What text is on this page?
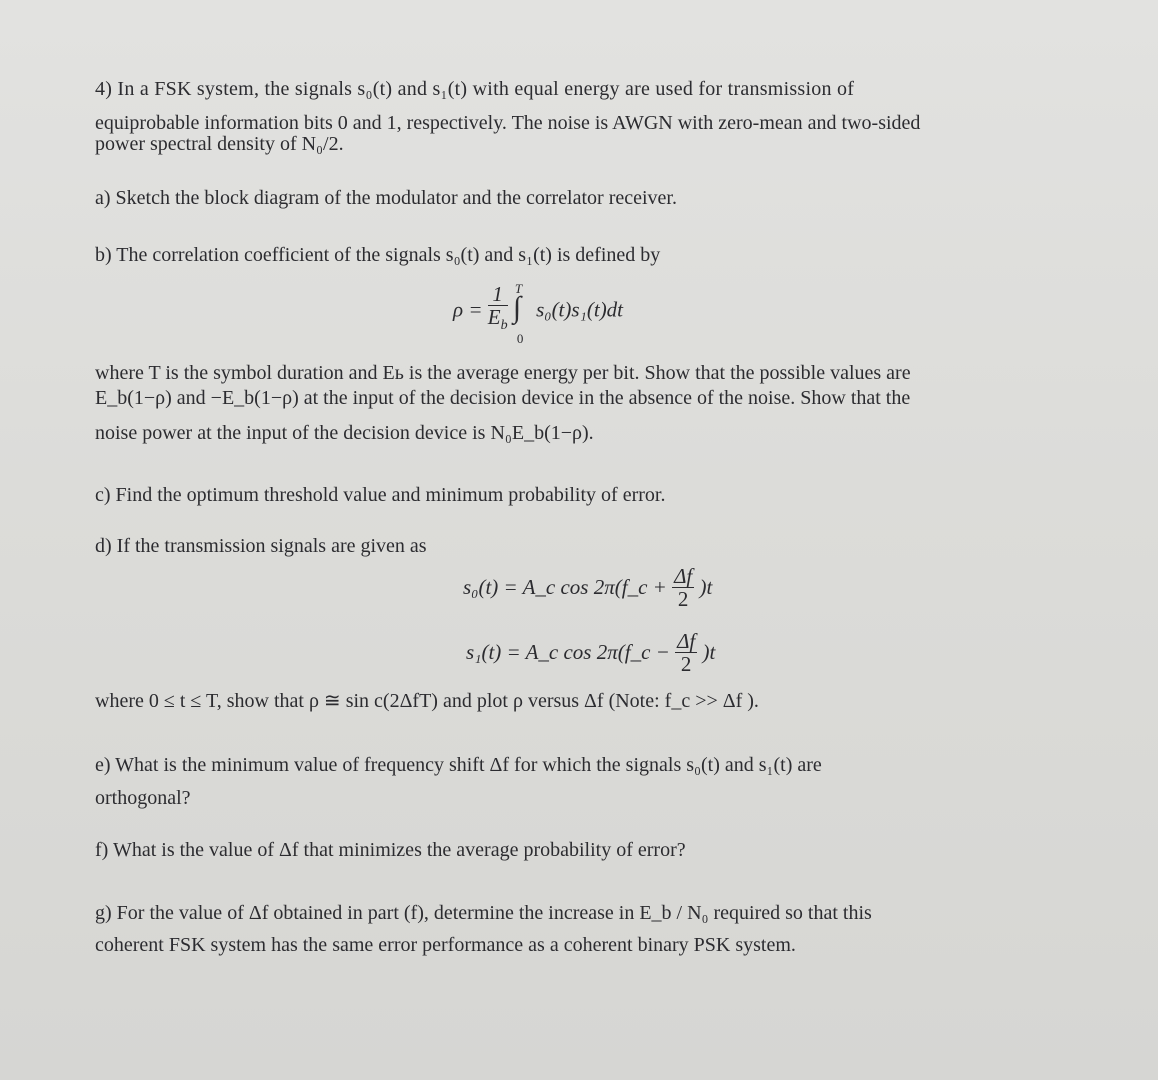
4) In a FSK system, the signals s₀(t) and s₁(t) with equal energy are used for transmission of
equiprobable information bits 0 and 1, respectively. The noise is AWGN with zero-mean and two-sided
power spectral density of N₀/2.
a) Sketch the block diagram of the modulator and the correlator receiver.
b) The correlation coefficient of the signals s₀(t) and s₁(t) is defined by
$\rho = \frac{1}{E_b}$
T
∫
0
s₀(t)s₁(t)dt
where T is the symbol duration and Eь is the average energy per bit. Show that the possible values are
E_b(1−ρ) and −E_b(1−ρ) at the input of the decision device in the absence of the noise. Show that the
noise power at the input of the decision device is N₀E_b(1−ρ).
c) Find the optimum threshold value and minimum probability of error.
d) If the transmission signals are given as
s₀(t) = A_c cos 2π(f_c + $\frac{\Delta f}{2} )t$
s₁(t) = A_c cos 2π(f_c − $\frac{\Delta f}{2} )t$
where 0 ≤ t ≤ T, show that ρ ≅ sin c(2ΔfT) and plot ρ versus Δf (Note: f_c >> Δf ).
e) What is the minimum value of frequency shift Δf for which the signals s₀(t) and s₁(t) are
orthogonal?
f) What is the value of Δf that minimizes the average probability of error?
g) For the value of Δf obtained in part (f), determine the increase in E_b / N₀ required so that this
coherent FSK system has the same error performance as a coherent binary PSK system.
